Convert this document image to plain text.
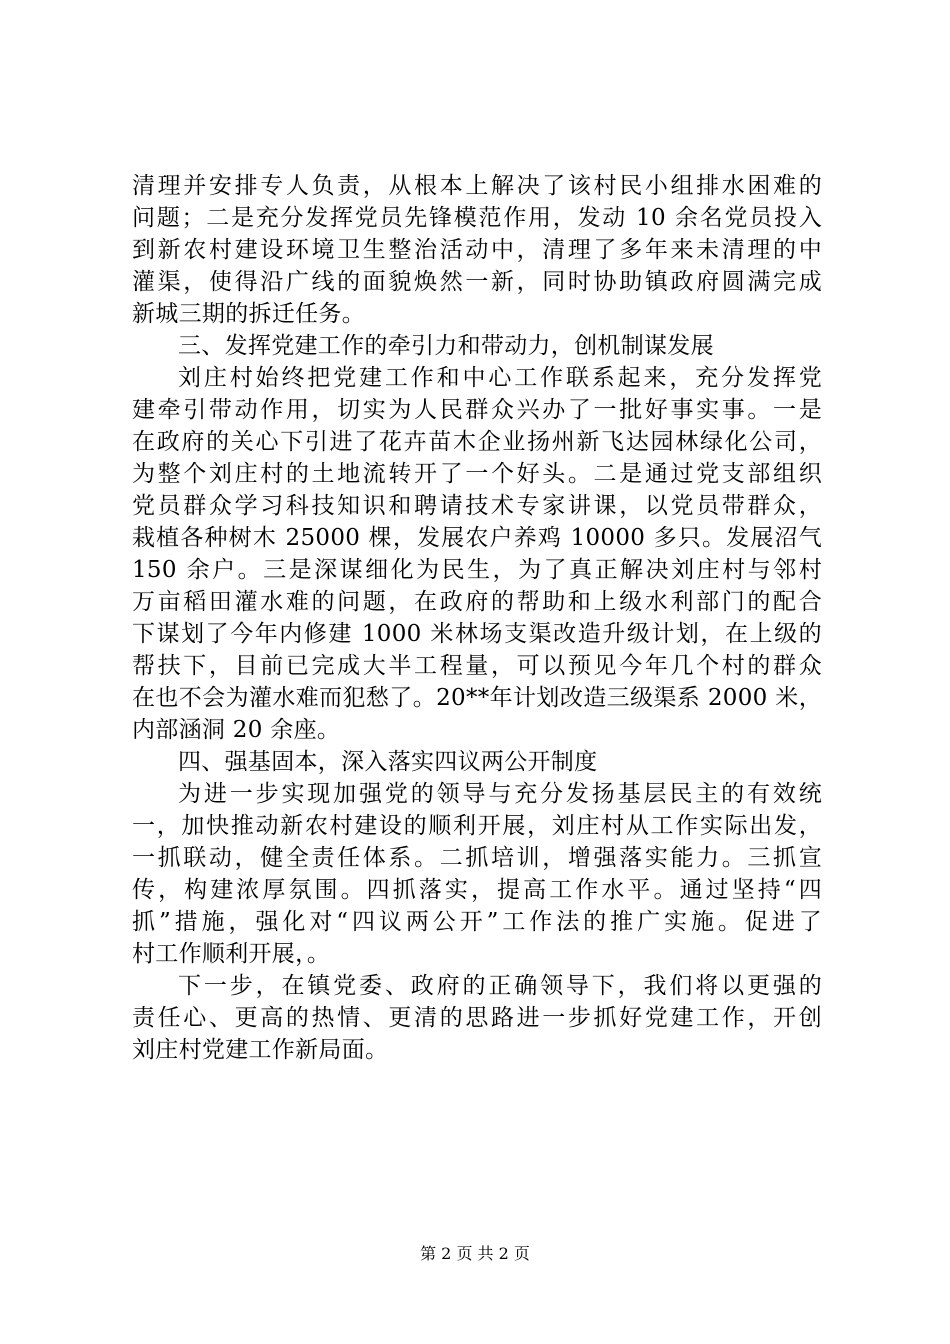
清理并安排专人负责，从根本上解决了该村民小组排水困难的
问题；二是充分发挥党员先锋模范作用，发动 10 余名党员投入
到新农村建设环境卫生整治活动中，清理了多年来未清理的中
灌渠，使得沿广线的面貌焕然一新，同时协助镇政府圆满完成
新城三期的拆迁任务。
三、发挥党建工作的牵引力和带动力，创机制谋发展
刘庄村始终把党建工作和中心工作联系起来，充分发挥党
建牵引带动作用，切实为人民群众兴办了一批好事实事。一是
在政府的关心下引进了花卉苗木企业扬州新飞达园林绿化公司，
为整个刘庄村的土地流转开了一个好头。二是通过党支部组织
党员群众学习科技知识和聘请技术专家讲课，以党员带群众，
栽植各种树木 25000 棵，发展农户养鸡 10000 多只。发展沼气
150 余户。三是深谋细化为民生，为了真正解决刘庄村与邻村
万亩稻田灌水难的问题，在政府的帮助和上级水利部门的配合
下谋划了今年内修建 1000 米林场支渠改造升级计划，在上级的
帮扶下，目前已完成大半工程量，可以预见今年几个村的群众
在也不会为灌水难而犯愁了。20**年计划改造三级渠系 2000 米，
内部涵洞 20 余座。
四、强基固本，深入落实四议两公开制度
为进一步实现加强党的领导与充分发扬基层民主的有效统
一，加快推动新农村建设的顺利开展，刘庄村从工作实际出发，
一抓联动，健全责任体系。二抓培训，增强落实能力。三抓宣
传，构建浓厚氛围。四抓落实，提高工作水平。通过坚持“四
抓”措施，强化对“四议两公开”工作法的推广实施。促进了
村工作顺利开展，。
下一步，在镇党委、政府的正确领导下，我们将以更强的
责任心、更高的热情、更清的思路进一步抓好党建工作，开创
刘庄村党建工作新局面。
第 2 页 共 2 页
